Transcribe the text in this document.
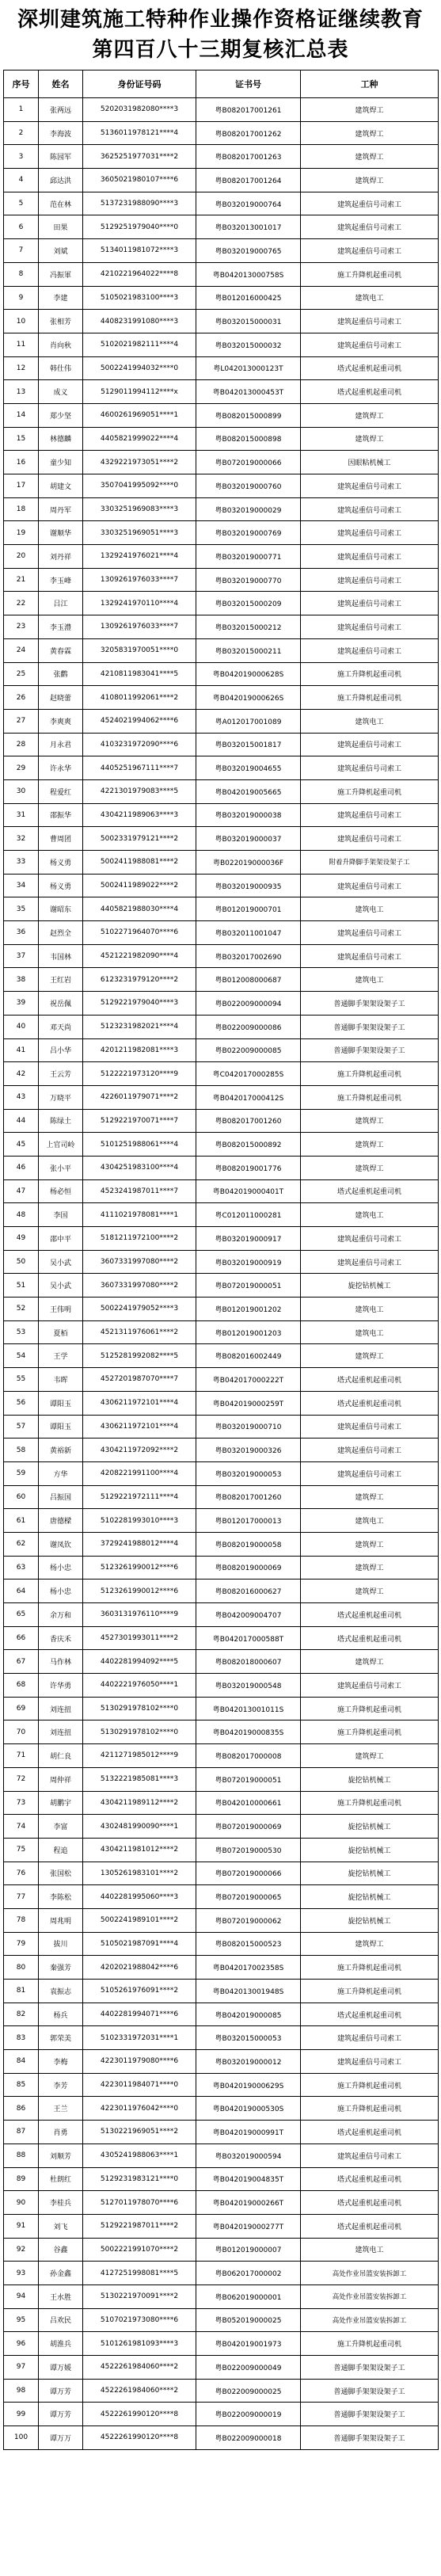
深圳建筑施工特种作业操作资格证继续教育
第四百八十三期复核汇总表
序号	姓名	身份证号码	证书号	工种
1	张两远	5202031982080****3	粤B082017001261	建筑焊工
2	李海波	5136011978121****4	粤B082017001262	建筑焊工
3	陈园军	3625251977031****2	粤B082017001263	建筑焊工
4	邱达洪	3605021980107****6	粤B082017001264	建筑焊工
5	范在林	5137231988090****3	粤B032019000764	建筑起重信号司索工
6	田果	5129251979040****0	粤B032013001017	建筑起重信号司索工
7	刘斌	5134011981072****3	粤B032019000765	建筑起重信号司索工
8	冯振軍	4210221964022****8	粤B042013000758S	施工升降机起重司机
9	李建	5105021983100****3	粤B012016000425	建筑电工
10	张相芳	4408231991080****3	粤B032015000031	建筑起重信号司索工
11	肖向秋	5102021982111****4	粤B032015000032	建筑起重信号司索工
12	韩仕伟	5002241994032****0	粤L042013000123T	塔式起重机起重司机
13	成义	5129011994112****x	粤B042013000453T	塔式起重机起重司机
14	郑少坚	4600261969051****1	粤B082015000899	建筑焊工
15	林德麟	4405821999022****4	粤B082015000898	建筑焊工
16	童少知	4329221973051****2	粤B072019000066	因眼粘机械工
17	胡建文	3507041995092****0	粤B032019000760	建筑起重信号司索工
18	周丹军	3303251969083****3	粤B032019000029	建筑起重信号司索工
19	谢顺华	3303251969051****3	粤B032019000769	建筑起重信号司索工
20	刘丹祥	1329241976021****4	粤B032019000771	建筑起重信号司索工
21	李玉峰	1309261976033****7	粤B032019000770	建筑起重信号司索工
22	吕江	1329241970110****4	粤B032015000209	建筑起重信号司索工
23	李玉澧	1309261976033****7	粤B032015000212	建筑起重信号司索工
24	黄春霖	3205831970051****0	粤B032015000211	建筑起重信号司索工
25	张鹳	4210811983041****5	粤B042019000628S	施工升降机起重司机
26	赵晓蕾	4108011992061****2	粤B042019000626S	施工升降机起重司机
27	李爽爽	4524021994062****6	粤A012017001089	建筑电工
28	月永君	4103231972090****6	粤B032015001817	建筑起重信号司索工
29	许永华	4405251967111****7	粤B032019004655	建筑起重信号司索工
30	程爱红	4221301979083****5	粤B042019005665	施工升降机起重司机
31	邵振华	4304211989063****3	粤B032019000038	建筑起重信号司索工
32	曹周团	5002331979121****2	粤B032019000037	建筑起重信号司索工
33	杨义勇	5002411988081****2	粤B022019000036F	附着升降脚手架架设架子工
34	杨义勇	5002411989022****2	粤B032019000935	建筑起重信号司索工
35	谢昭东	4405821988030****4	粤B012019000701	建筑电工
36	赵烈全	5102271964070****6	粤B032011001047	建筑起重信号司索工
37	韦国林	4521221982090****4	粤B032017002690	建筑起重信号司索工
38	王红岩	6123231979120****2	粤B012008000687	建筑电工
39	祝岳佩	5129221979040****3	粤B022009000094	普通脚手架架设架子工
40	邓天尚	5123231982021****4	粤B022009000086	普通脚手架架设架子工
41	吕小华	4201211982081****3	粤B022009000085	普通脚手架架设架子工
42	王云芳	5122221973120****9	粤C042017000285S	施工升降机起重司机
43	万晓平	4226011979071****2	粤B042017000412S	施工升降机起重司机
44	陈绿土	5129221970071****7	粤B082017001260	建筑焊工
45	上官司岭	5101251988061****4	粤B082015000892	建筑焊工
46	张小平	4304251983100****4	粤B082019001776	建筑焊工
47	杨必恒	4523241987011****7	粤B042019000401T	塔式起重机起重司机
48	李国	4111021978081****1	粤C012011000281	建筑电工
49	邵中平	5181211972100****2	粤B032019000917	建筑起重信号司索工
50	吴小武	3607331997080****2	粤B032019000919	建筑起重信号司索工
51	吴小武	3607331997080****2	粤B072019000051	旋挖钻机械工
52	王伟明	5002241979052****3	粤B012019001202	建筑电工
53	夏栢	4521311976061****2	粤B012019001203	建筑电工
54	王学	5125281992082****5	粤B082016002449	建筑焊工
55	韦晖	4527201987070****7	粤B042017000222T	塔式起重机起重司机
56	谭阳玉	4306211972101****4	粤B042019000259T	塔式起重机起重司机
57	谭阳玉	4306211972101****4	粤B032019000710	建筑起重信号司索工
58	黄裕新	4304211972092****2	粤B032019000326	建筑起重信号司索工
59	方华	4208221991100****4	粤B032019000053	建筑起重信号司索工
60	吕振国	5129221972111****4	粤B082017001260	建筑焊工
61	唐德樑	5102281993010****3	粤B012017000013	建筑电工
62	谢凤钦	3729241988012****4	粤B082019000058	建筑焊工
63	杨小忠	5123261990012****6	粤B082019000069	建筑焊工
64	杨小忠	5123261990012****6	粤B082016000627	建筑焊工
65	余万和	3603131976110****9	粤B042009004707	塔式起重机起重司机
66	香庆禾	4527301993011****2	粤B042017000588T	塔式起重机起重司机
67	马作林	4402281994092****5	粤B082018000607	建筑焊工
68	许华勇	4402221976050****1	粤B032019000548	建筑起重信号司索工
69	刘连扭	5130291978102****0	粤B042013001011S	施工升降机起重司机
70	刘连扭	5130291978102****0	粤B042019000835S	施工升降机起重司机
71	胡仁良	4211271985012****9	粤B082017000008	建筑焊工
72	周仲祥	5132221985081****3	粤B072019000051	旋挖钻机械工
73	胡鹏宇	4304211989112****2	粤B042010000661	施工升降机起重司机
74	李富	4302481990090****1	粤B072019000069	旋挖钻机械工
75	程追	4304211981012****2	粤B072019000530	旋挖钻机械工
76	张国松	1305261983101****2	粤B072019000066	旋挖钻机械工
77	李陈松	4402281995060****3	粤B072019000065	旋挖钻机械工
78	周兆明	5002241989101****2	粤B072019000062	旋挖钻机械工
79	拔川	5105021987091****4	粤B082015000523	建筑焊工
80	秦强芳	4202021988042****6	粤B042017002358S	施工升降机起重司机
81	袁振志	5105261976091****2	粤B042013001948S	施工升降机起重司机
82	杨兵	4402281994071****6	粤B042019000085	塔式起重机起重司机
83	郭荣美	5102331972031****1	粤B032015000053	建筑起重信号司索工
84	李梅	4223011979080****6	粤B032019000012	建筑起重信号司索工
85	李芳	4223011984071****0	粤B042019000629S	施工升降机起重司机
86	王兰	4223011976042****0	粤B042019000530S	施工升降机起重司机
87	肖勇	5130221969051****2	粤B042019000991T	塔式起重机起重司机
88	刘顺芳	4305241988063****1	粤B032019000594	建筑起重信号司索工
89	杜朗红	5129231983121****0	粤B042019004835T	塔式起重机起重司机
90	李桂兵	5127011978070****6	粤B042019000266T	塔式起重机起重司机
91	刘飞	5129221987011****2	粤B042019000277T	塔式起重机起重司机
92	谷鑫	5002221991070****2	粤B012019000007	建筑电工
93	孙金鑫	4127251998081****5	粤B062017000002	高处作业吊篮安装拆卸工
94	王水胜	5130221970091****2	粤B062019000001	高处作业吊篮安装拆卸工
95	吕欢民	5107021973080****6	粤B052019000025	高处作业吊篮安装拆卸工
96	胡淮兵	5101261981093****3	粤B042019001973	施工升降机起重司机
97	谭万媛	4522261984060****2	粤B022009000049	普通脚手架架设架子工
98	谭万芳	4522261984060****2	粤B022009000025	普通脚手架架设架子工
99	谭万芳	4522261990120****8	粤B022009000019	普通脚手架架设架子工
100	谭万万	4522261990120****8	粤B022009000018	普通脚手架架设架子工
